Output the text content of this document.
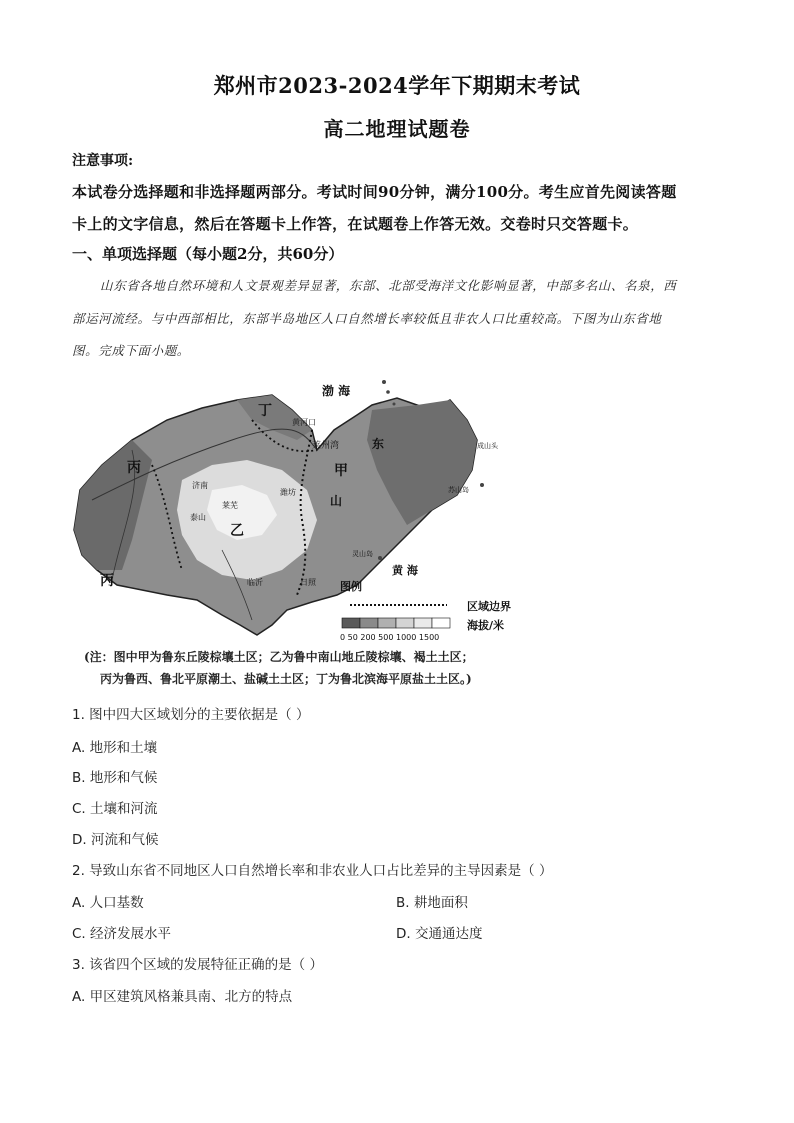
郑州市2023-2024学年下期期末考试
高二地理试题卷
注意事项:
本试卷分选择题和非选择题两部分。考试时间90分钟，满分100分。考生应首先阅读答题
卡上的文字信息，然后在答题卡上作答，在试题卷上作答无效。交卷时只交答题卡。
一、单项选择题（每小题2分，共60分）
山东省各地自然环境和人文景观差异显著，东部、北部受海洋文化影响显著，中部多名山、名泉，西
部运河流经。与中西部相比，东部半岛地区人口自然增长率较低且非农人口比重较高。下图为山东省地
图。完成下面小题。
渤 海
黄 海
莱州湾
黄河口
甲
乙
丙
丙
丁
济南
泰山
莱芜
临沂
潍坊
日照
山
东
灵山岛
苏山岛
成山头
图例
区域边界
海拔/米
0 50 200 500 1000 1500
(注：图中甲为鲁东丘陵棕壤土区；乙为鲁中南山地丘陵棕壤、褐土土区；
丙为鲁西、鲁北平原潮土、盐碱土土区；丁为鲁北滨海平原盐土土区。)
1. 图中四大区域划分的主要依据是（ ）
A. 地形和土壤
B. 地形和气候
C. 土壤和河流
D. 河流和气候
2. 导致山东省不同地区人口自然增长率和非农业人口占比差异的主导因素是（ ）
A. 人口基数	B. 耕地面积
C. 经济发展水平	D. 交通通达度
3. 该省四个区域的发展特征正确的是（ ）
A. 甲区建筑风格兼具南、北方的特点
